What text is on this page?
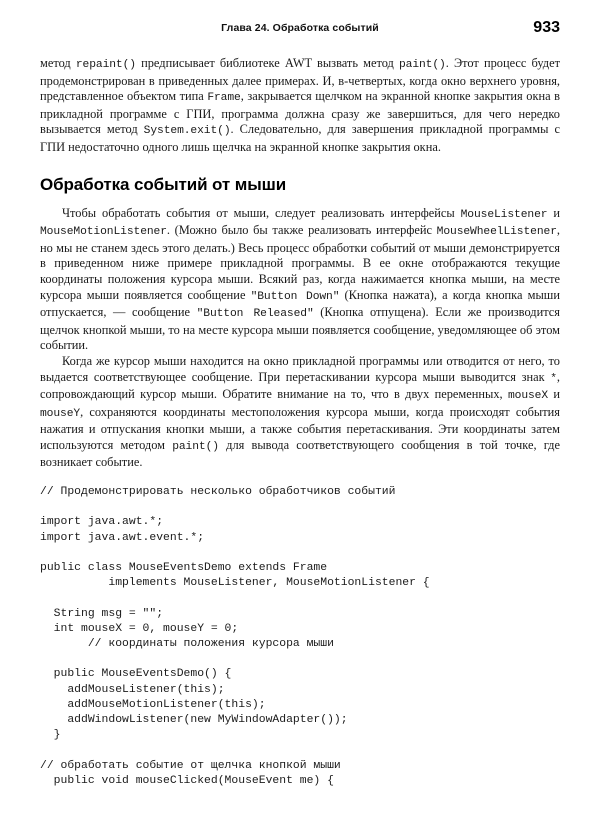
Глава 24. Обработка событий	933

метод repaint() предписывает библиотеке AWT вызвать метод paint(). Этот процесс будет продемонстрирован в приведенных далее примерах. И, в-четвертых, когда окно верхнего уровня, представленное объектом типа Frame, закрывается щелчком на экранной кнопке закрытия окна в прикладной программе с ГПИ, программа должна сразу же завершиться, для чего нередко вызывается метод System.exit(). Следовательно, для завершения прикладной программы с ГПИ недостаточно одного лишь щелчка на экранной кнопке закрытия окна.

Обработка событий от мыши

Чтобы обработать события от мыши, следует реализовать интерфейсы MouseListener и MouseMotionListener. (Можно было бы также реализовать интерфейс MouseWheelListener, но мы не станем здесь этого делать.) Весь процесс обработки событий от мыши демонстрируется в приведенном ниже примере прикладной программы. В ее окне отображаются текущие координаты положения курсора мыши. Всякий раз, когда нажимается кнопка мыши, на месте курсора мыши появляется сообщение "Button Down" (Кнопка нажата), а когда кнопка мыши отпускается, — сообщение "Button Released" (Кнопка отпущена). Если же производится щелчок кнопкой мыши, то на месте курсора мыши появляется сообщение, уведомляющее об этом событии.

Когда же курсор мыши находится на окно прикладной программы или отводится от него, то выдается соответствующее сообщение. При перетаскивании курсора мыши выводится знак *, сопровождающий курсор мыши. Обратите внимание на то, что в двух переменных, mouseX и mouseY, сохраняются координаты местоположения курсора мыши, когда происходят события нажатия и отпускания кнопки мыши, а также события перетаскивания. Эти координаты затем используются методом paint() для вывода соответствующего сообщения в той точке, где возникает событие.

// Продемонстрировать несколько обработчиков событий
import java.awt.*;
import java.awt.event.*;
public class MouseEventsDemo extends Frame
implements MouseListener, MouseMotionListener {
String msg = "";
int mouseX = 0, mouseY = 0;
// координаты положения курсора мыши
public MouseEventsDemo() {
addMouseListener(this);
addMouseMotionListener(this);
addWindowListener(new MyWindowAdapter());
}
// обработать событие от щелчка кнопкой мыши
public void mouseClicked(MouseEvent me) {
